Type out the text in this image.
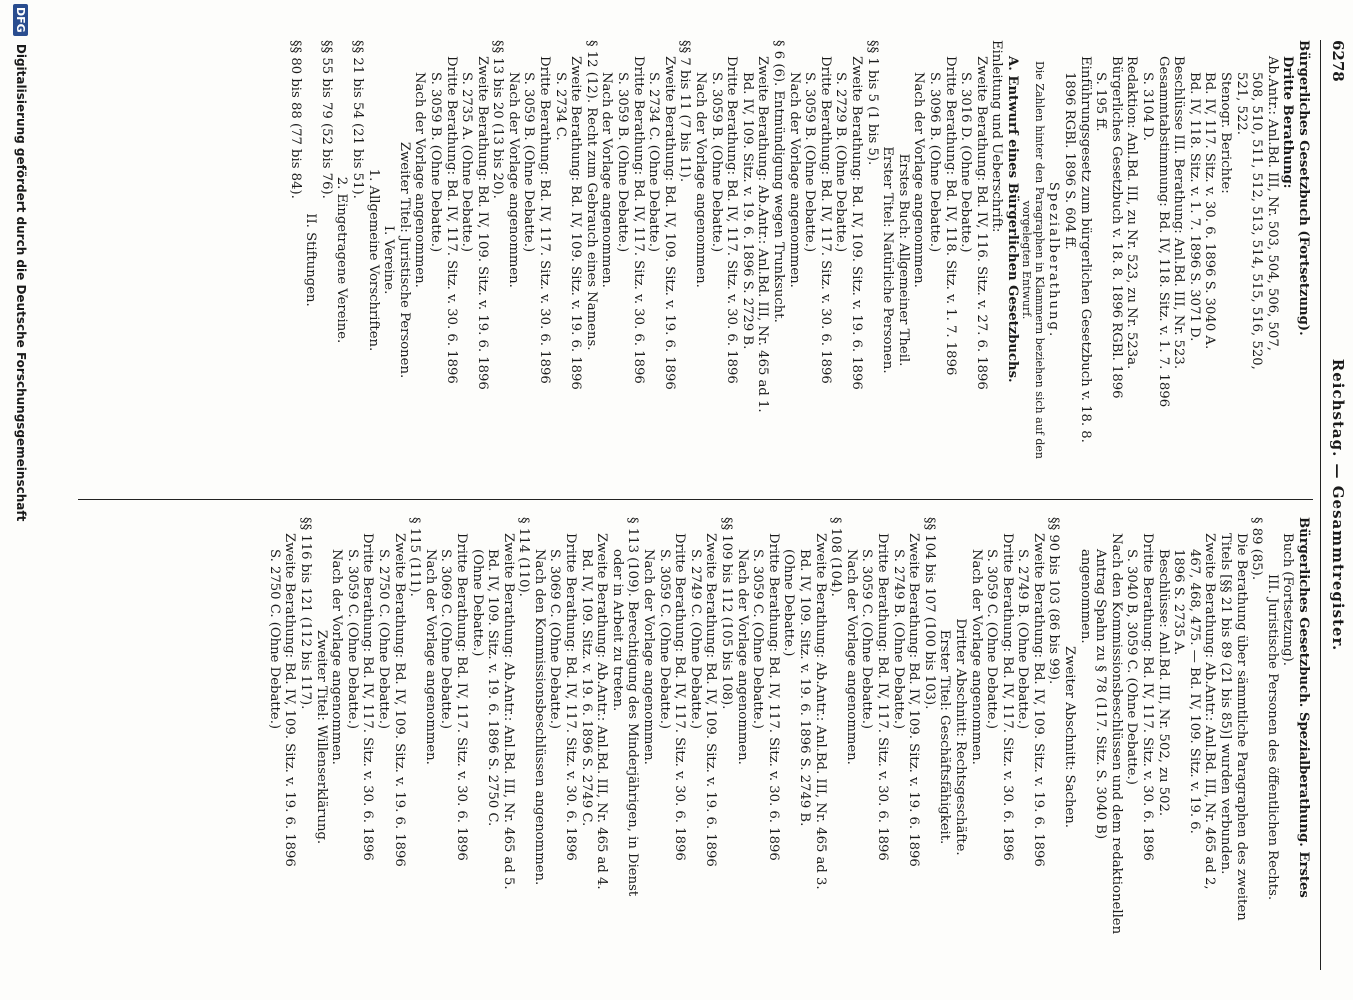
6278
Reichstag. — Gesammtregister.
Bürgerliches Gesetzbuch (Fortsetzung).
Dritte Berathung:
Ab.Antr.: Anl.Bd. III, Nr. 503, 504, 506, 507,
508, 510, 511, 512, 513, 514, 515, 516, 520,
521, 522.
Stenogr. Berichte:
Bd. IV, 117. Sitz. v. 30. 6. 1896 S. 3040 A.
Bd. IV, 118. Sitz. v. 1. 7. 1896 S. 3071 D.
Beschlüsse III. Berathung: Anl.Bd. III, Nr. 523.
Gesammtabstimmung: Bd. IV, 118. Sitz. v. 1. 7. 1896
S. 3104 D.
Redaktion: Anl.Bd. III, zu Nr. 523, zu Nr. 523a.
Bürgerliches Gesetzbuch v. 18. 8. 1896 RGBl. 1896
S. 195 ff.
Einführungsgesetz zum bürgerlichen Gesetzbuch v. 18. 8.
1896 RGBl. 1896 S. 604 ff.
Spezialberathung.
Die Zahlen hinter den Paragraphen in Klammern beziehen sich auf den vorgelegten Entwurf.
A. Entwurf eines Bürgerlichen Gesetzbuchs.
Einleitung und Ueberschrift:
Zweite Berathung: Bd. IV, 116. Sitz. v. 27. 6. 1896
S. 3016 D. (Ohne Debatte.)
Dritte Berathung: Bd. IV, 118. Sitz. v. 1. 7. 1896
S. 3096 B. (Ohne Debatte.)
Nach der Vorlage angenommen.
Erstes Buch: Allgemeiner Theil.
Erster Titel: Natürliche Personen.
§§ 1 bis 5 (1 bis 5).
Zweite Berathung: Bd. IV, 109. Sitz. v. 19. 6. 1896
S. 2729 B. (Ohne Debatte.)
Dritte Berathung: Bd. IV, 117. Sitz. v. 30. 6. 1896
S. 3059 B. (Ohne Debatte.)
Nach der Vorlage angenommen.
§ 6 (6). Entmündigung wegen Trunksucht.
Zweite Berathung: Ab.Antr.: Anl.Bd. III, Nr. 465 ad 1.
Bd. IV, 109. Sitz. v. 19. 6. 1896 S. 2729 B.
Dritte Berathung: Bd. IV, 117. Sitz. v. 30. 6. 1896
S. 3059 B. (Ohne Debatte.)
Nach der Vorlage angenommen.
§§ 7 bis 11 (7 bis 11).
Zweite Berathung: Bd. IV, 109. Sitz. v. 19. 6. 1896
S. 2734 C. (Ohne Debatte.)
Dritte Berathung: Bd. IV, 117. Sitz. v. 30. 6. 1896
S. 3059 B. (Ohne Debatte.)
Nach der Vorlage angenommen.
§ 12 (12). Recht zum Gebrauch eines Namens.
Zweite Berathung: Bd. IV, 109. Sitz. v. 19. 6. 1896
S. 2734 C.
Dritte Berathung: Bd. IV, 117. Sitz. v. 30. 6. 1896
S. 3059 B. (Ohne Debatte.)
Nach der Vorlage angenommen.
§§ 13 bis 20 (13 bis 20).
Zweite Berathung: Bd. IV, 109. Sitz. v. 19. 6. 1896
S. 2735 A. (Ohne Debatte.)
Dritte Berathung: Bd. IV, 117. Sitz. v. 30. 6. 1896
S. 3059 B. (Ohne Debatte.)
Nach der Vorlage angenommen.
Zweiter Titel: Juristische Personen.
I. Vereine.
1. Allgemeine Vorschriften.
§§ 21 bis 54 (21 bis 51).
2. Eingetragene Vereine.
§§ 55 bis 79 (52 bis 76).
II. Stiftungen.
§§ 80 bis 88 (77 bis 84).
Bürgerliches Gesetzbuch. Spezialberathung. Erstes
Buch (Fortsetzung).
III. Juristische Personen des öffentlichen Rechts.
§ 89 (85).
Die Berathung über sämmtliche Paragraphen des zweiten
Titels [§§ 21 bis 89 (21 bis 85)] wurden verbunden.
Zweite Berathung: Ab.Antr.: Anl.Bd. III, Nr. 465 ad 2,
467, 468, 475. — Bd. IV, 109. Sitz. v. 19. 6.
1896 S. 2735 A.
Beschlüsse: Anl.Bd. III, Nr. 502, zu 502.
Dritte Berathung: Bd. IV, 117. Sitz. v. 30. 6. 1896
S. 3040 B, 3059 C. (Ohne Debatte.)
Nach den Kommissionsbeschlüssen und dem redaktionellen
Antrag Spahn zu § 78 (117. Sitz. S. 3040 B)
angenommen.
Zweiter Abschnitt: Sachen.
§§ 90 bis 103 (86 bis 99).
Zweite Berathung: Bd. IV, 109. Sitz. v. 19. 6. 1896
S. 2749 B. (Ohne Debatte.)
Dritte Berathung: Bd. IV, 117. Sitz. v. 30. 6. 1896
S. 3059 C. (Ohne Debatte.)
Nach der Vorlage angenommen.
Dritter Abschnitt: Rechtsgeschäfte.
Erster Titel: Geschäftsfähigkeit.
§§ 104 bis 107 (100 bis 103).
Zweite Berathung: Bd. IV, 109. Sitz. v. 19. 6. 1896
S. 2749 B. (Ohne Debatte.)
Dritte Berathung: Bd. IV, 117. Sitz. v. 30. 6. 1896
S. 3059 C. (Ohne Debatte.)
Nach der Vorlage angenommen.
§ 108 (104).
Zweite Berathung: Ab.Antr.: Anl.Bd. III, Nr. 465 ad 3.
Bd. IV, 109. Sitz. v. 19. 6. 1896 S. 2749 B.
(Ohne Debatte.)
Dritte Berathung: Bd. IV, 117. Sitz. v. 30. 6. 1896
S. 3059 C. (Ohne Debatte.)
Nach der Vorlage angenommen.
§§ 109 bis 112 (105 bis 108).
Zweite Berathung: Bd. IV, 109. Sitz. v. 19. 6. 1896
S. 2749 C. (Ohne Debatte.)
Dritte Berathung: Bd. IV, 117. Sitz. v. 30. 6. 1896
S. 3059 C. (Ohne Debatte.)
Nach der Vorlage angenommen.
§ 113 (109). Berechtigung des Minderjährigen, in Dienst
oder in Arbeit zu treten.
Zweite Berathung: Ab.Antr.: Anl.Bd. III, Nr. 465 ad 4.
Bd. IV, 109. Sitz. v. 19. 6. 1896 S. 2749 C.
Dritte Berathung: Bd. IV, 117. Sitz. v. 30. 6. 1896
S. 3069 C. (Ohne Debatte.)
Nach den Kommissionsbeschlüssen angenommen.
§ 114 (110).
Zweite Berathung: Ab.Antr.: Anl.Bd. III, Nr. 465 ad 5.
Bd. IV, 109. Sitz. v. 19. 6. 1896 S. 2750 C.
(Ohne Debatte.)
Dritte Berathung: Bd. IV, 117. Sitz. v. 30. 6. 1896
S. 3069 C. (Ohne Debatte.)
Nach der Vorlage angenommen.
§ 115 (111).
Zweite Berathung: Bd. IV, 109. Sitz. v. 19. 6. 1896
S. 2750 C. (Ohne Debatte.)
Dritte Berathung: Bd. IV, 117. Sitz. v. 30. 6. 1896
S. 3059 C. (Ohne Debatte.)
Nach der Vorlage angenommen.
Zweiter Titel: Willenserklärung.
§§ 116 bis 121 (112 bis 117).
Zweite Berathung: Bd. IV, 109. Sitz. v. 19. 6. 1896
S. 2750 C. (Ohne Debatte.)
DFG Digitalisierung gefördert durch die Deutsche Forschungsgemeinschaft
